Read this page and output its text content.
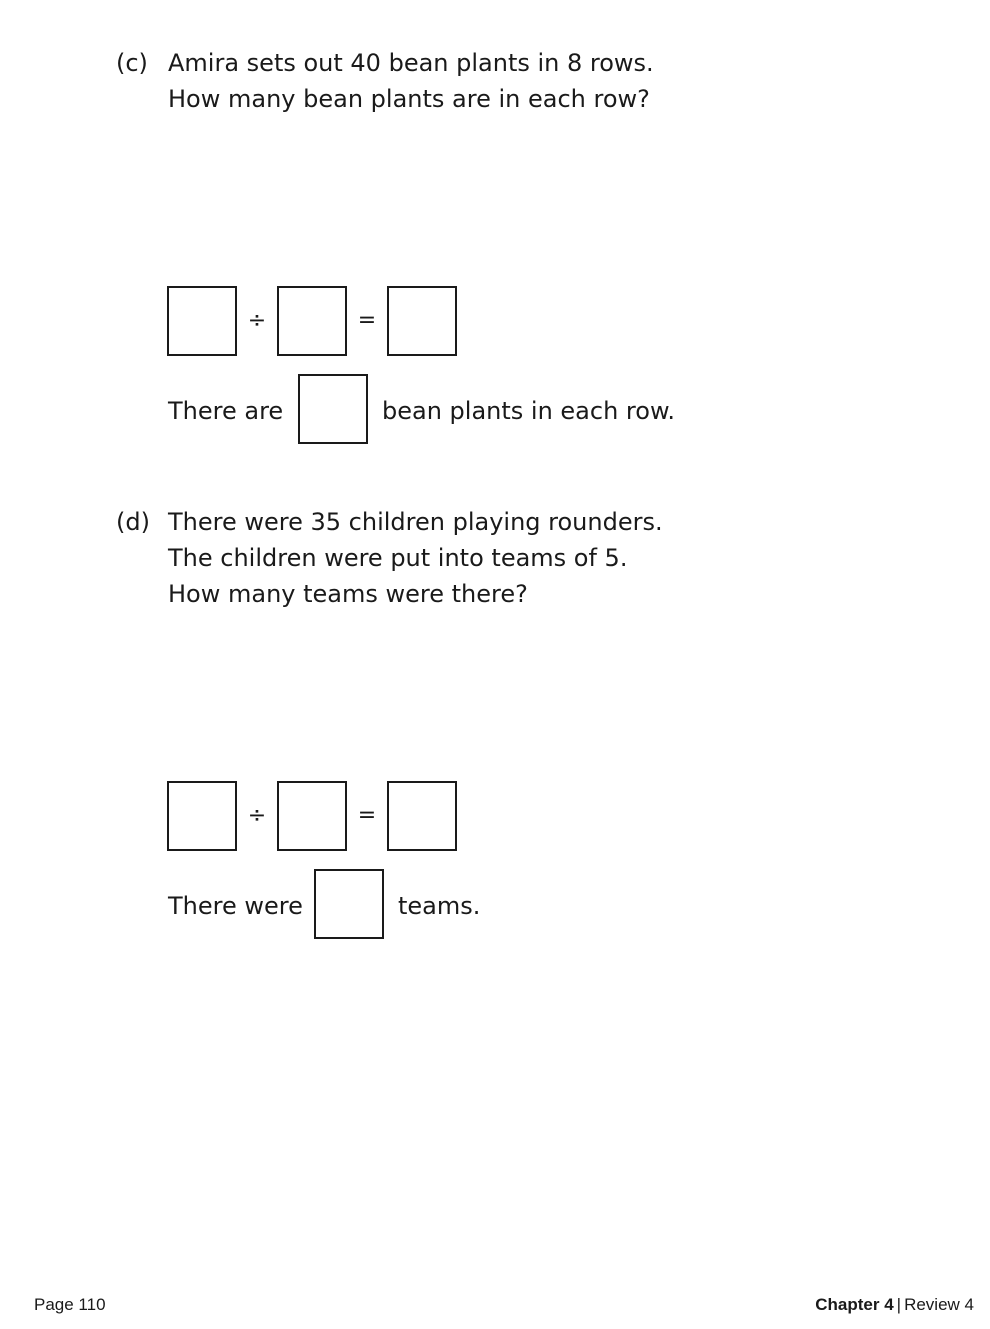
(c) Amira sets out 40 bean plants in 8 rows.
How many bean plants are in each row?
÷	=
There are	bean plants in each row.
(d) There were 35 children playing rounders.
The children were put into teams of 5.
How many teams were there?
÷	=
There were	teams.
Page 110	Chapter 4 | Review 4
